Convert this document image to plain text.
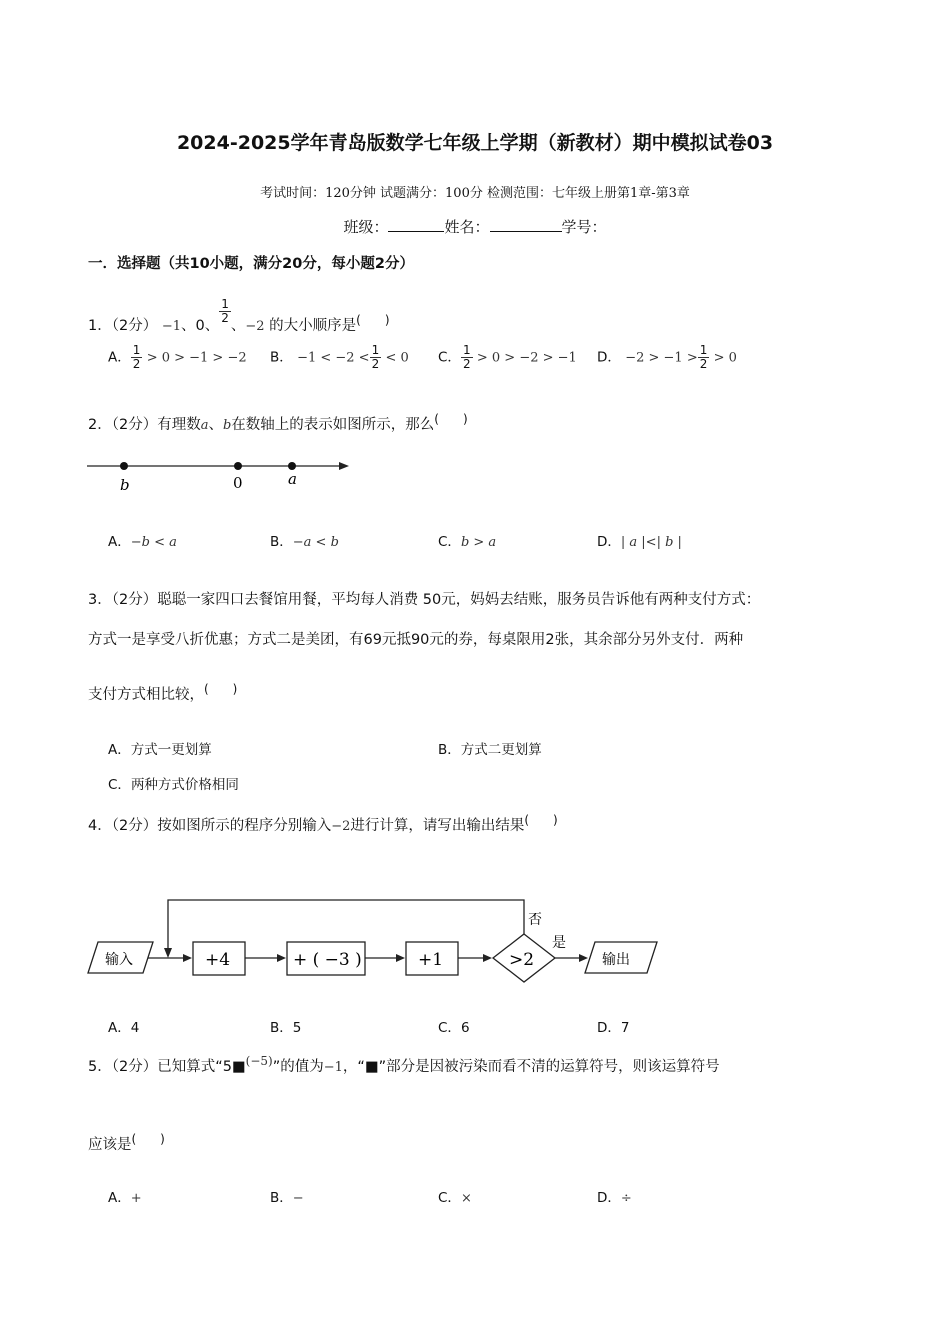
2024-2025学年青岛版数学七年级上学期（新教材）期中模拟试卷03
考试时间：120分钟 试题满分：100分 检测范围：七年级上册第1章-第3章
班级：	姓名：	学号：
一．选择题（共10小题，满分20分，每小题2分）
1．（2分） −1、0、
$\frac{1}{2}$
、−2 的大小顺序是(　　)
A． $\frac{1}{2} > 0 > -1 > -2$ B． $-1 < -2 < \frac{1}{2} < 0$ C． $\frac{1}{2} > 0 > -2 > -1$ D． $-2 > -1 > \frac{1}{2} > 0$
2．（2分）有理数a、b在数轴上的表示如图所示，那么(　　)
b	0	a
A．−b < a	B．−a < b	C．b > a	D．| a |<| b |
3．（2分）聪聪一家四口去餐馆用餐，平均每人消费 50元，妈妈去结账，服务员告诉他有两种支付方式：
方式一是享受八折优惠；方式二是美团，有69元抵90元的券，每桌限用2张，其余部分另外支付．两种
支付方式相比较，(　　)
A．方式一更划算	B．方式二更划算
C．两种方式价格相同
4．（2分）按如图所示的程序分别输入−2进行计算，请写出输出结果(　　)
输入	+4	+ ( −3 )	+1	>2
是
否
输出
A．4	B．5	C．6	D．7
5．（2分）已知算式“5■$^{(-5)}$”的值为−1，“■”部分是因被污染而看不清的运算符号，则该运算符号
应该是(　　)
A．+	B．−	C．×	D．÷
